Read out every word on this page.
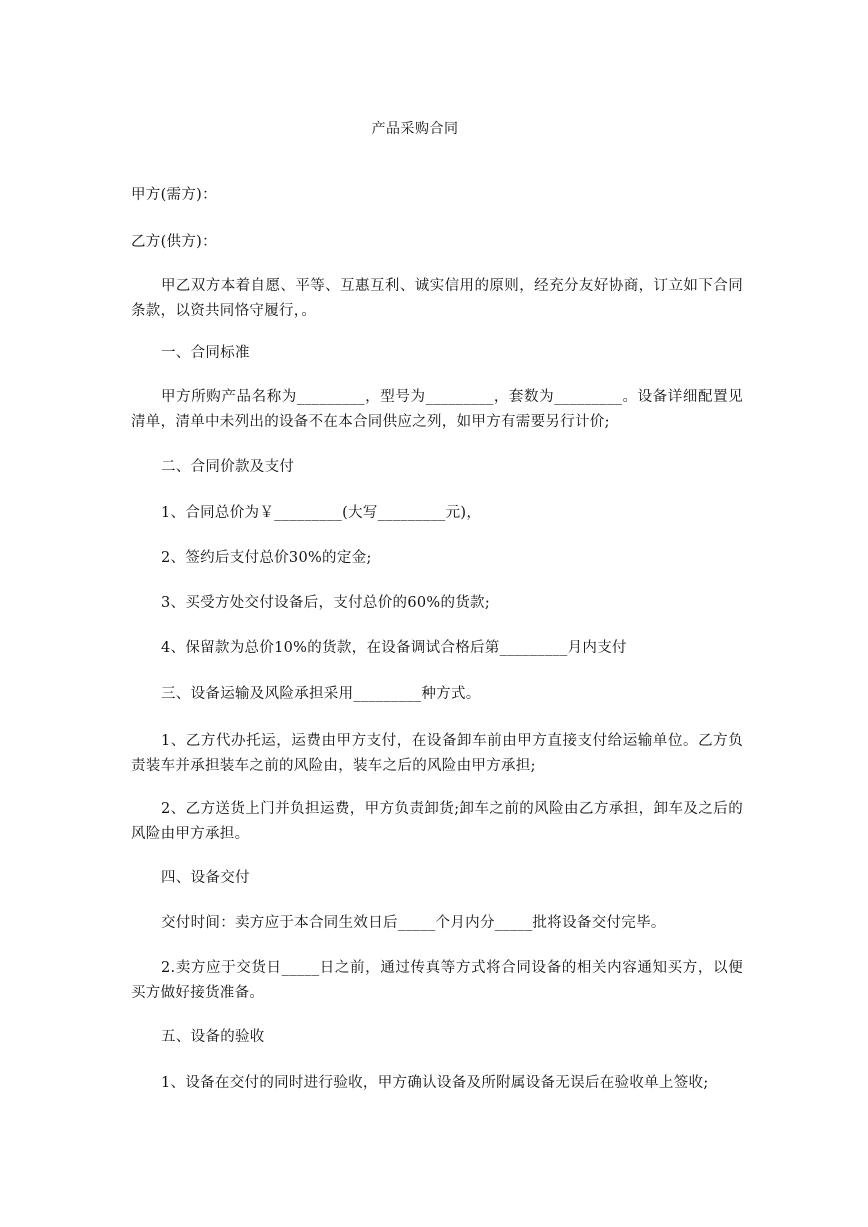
产品采购合同
甲方(需方)：
乙方(供方)：
甲乙双方本着自愿、平等、互惠互利、诚实信用的原则，经充分友好协商，订立如下合同条款，以资共同恪守履行，。
一、合同标准
甲方所购产品名称为_________，型号为_________，套数为_________。设备详细配置见清单，清单中未列出的设备不在本合同供应之列，如甲方有需要另行计价;
二、合同价款及支付
1、合同总价为￥_________(大写_________元)，
2、签约后支付总价30%的定金;
3、买受方处交付设备后，支付总价的60%的货款;
4、保留款为总价10%的货款，在设备调试合格后第_________月内支付
三、设备运输及风险承担采用_________种方式。
1、乙方代办托运，运费由甲方支付，在设备卸车前由甲方直接支付给运输单位。乙方负责装车并承担装车之前的风险由，装车之后的风险由甲方承担;
2、乙方送货上门并负担运费，甲方负责卸货;卸车之前的风险由乙方承担，卸车及之后的风险由甲方承担。
四、设备交付
交付时间：卖方应于本合同生效日后_____个月内分_____批将设备交付完毕。
2.卖方应于交货日_____日之前，通过传真等方式将合同设备的相关内容通知买方，以便买方做好接货准备。
五、设备的验收
1、设备在交付的同时进行验收，甲方确认设备及所附属设备无误后在验收单上签收;
